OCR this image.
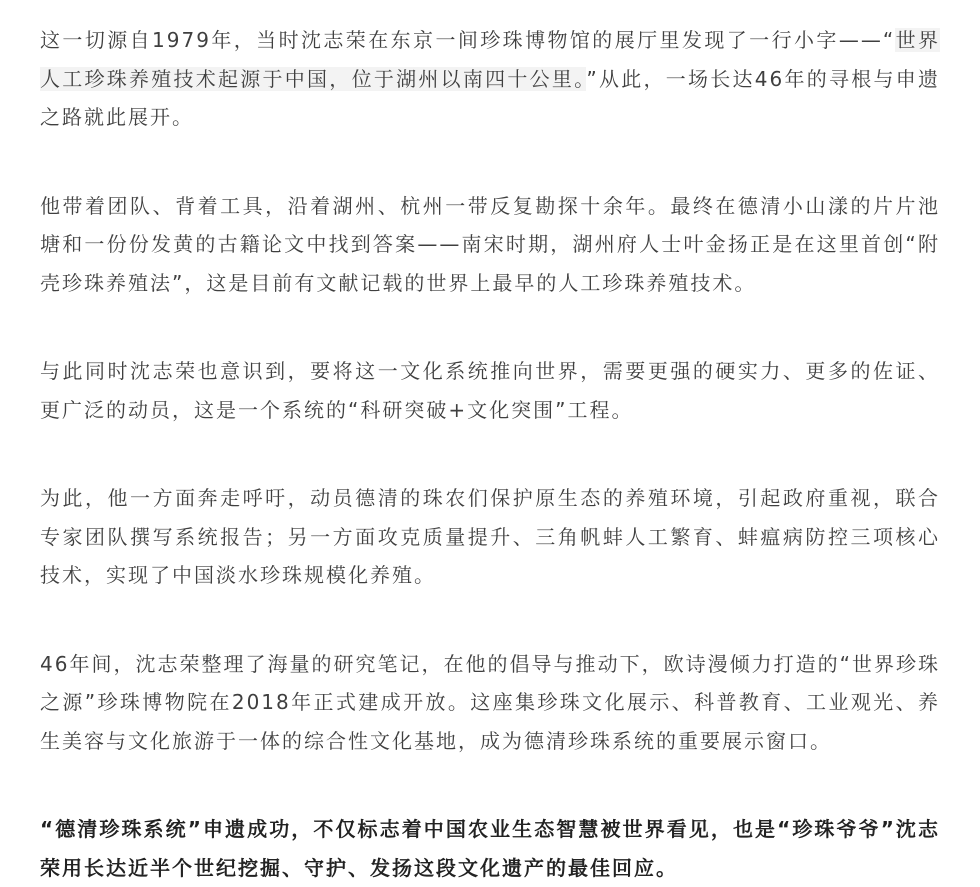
这一切源自1979年，当时沈志荣在东京一间珍珠博物馆的展厅里发现了一行小字——“世界人工珍珠养殖技术起源于中国，位于湖州以南四十公里。”从此，一场长达46年的寻根与申遗之路就此展开。

他带着团队、背着工具，沿着湖州、杭州一带反复勘探十余年。最终在德清小山漾的片片池塘和一份份发黄的古籍论文中找到答案——南宋时期，湖州府人士叶金扬正是在这里首创“附壳珍珠养殖法”，这是目前有文献记载的世界上最早的人工珍珠养殖技术。

与此同时沈志荣也意识到，要将这一文化系统推向世界，需要更强的硬实力、更多的佐证、更广泛的动员，这是一个系统的“科研突破+文化突围”工程。

为此，他一方面奔走呼吁，动员德清的珠农们保护原生态的养殖环境，引起政府重视，联合专家团队撰写系统报告；另一方面攻克质量提升、三角帆蚌人工繁育、蚌瘟病防控三项核心技术，实现了中国淡水珍珠规模化养殖。

46年间，沈志荣整理了海量的研究笔记，在他的倡导与推动下，欧诗漫倾力打造的“世界珍珠之源”珍珠博物院在2018年正式建成开放。这座集珍珠文化展示、科普教育、工业观光、养生美容与文化旅游于一体的综合性文化基地，成为德清珍珠系统的重要展示窗口。

“德清珍珠系统”申遗成功，不仅标志着中国农业生态智慧被世界看见，也是“珍珠爷爷”沈志荣用长达近半个世纪挖掘、守护、发扬这段文化遗产的最佳回应。
